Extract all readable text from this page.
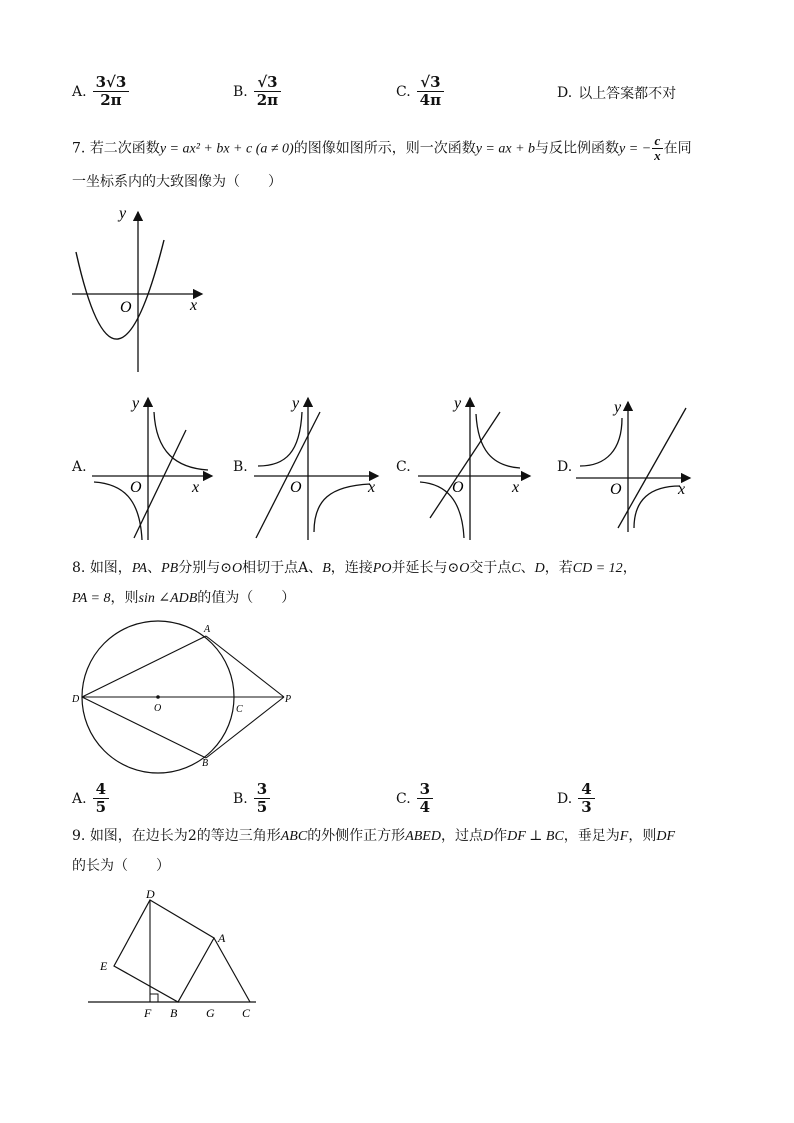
A. $\frac{3√3}{2\pi}$	B. $\frac{√3}{2\pi}$	C. $\frac{√3}{4\pi}$	D. 以上答案都不对
7. 若二次函数y = ax² + bx + c (a ≠ 0)的图像如图所示，则一次函数y = ax + b与反比例函数y = − $\frac{c}{x}$ 在同
一坐标系内的大致图像为（　　）
y
x
O
A.
y
x
O
B.
y
x
O
C.
y
x
O
D.
y
x
O
8. 如图，PA、PB分别与⊙O相切于点A、B，连接PO并延长与⊙O交于点C、D，若CD = 12，
PA = 8，则sin ∠ADB的值为（　　）
A
B
C
D
O
P
A. $\frac{4}{5}$	B. $\frac{3}{5}$	C. $\frac{3}{4}$	D. $\frac{4}{3}$
9. 如图，在边长为2的等边三角形ABC的外侧作正方形ABED，过点D作DF ⊥ BC，垂足为F，则DF
的长为（　　）
D
A
E
F B G C
